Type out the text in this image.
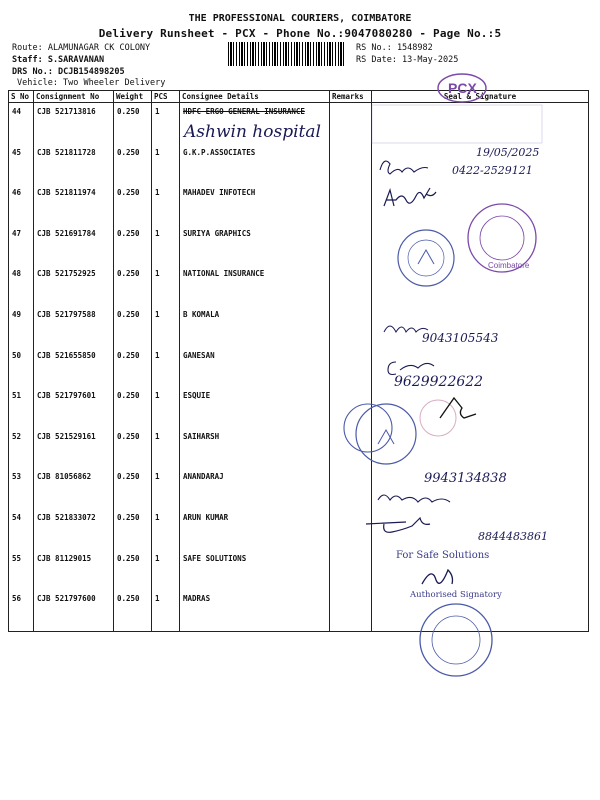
THE PROFESSIONAL COURIERS, COIMBATORE
Delivery Runsheet - PCX - Phone No.:9047080280 - Page No.:5
Route: ALAMUNAGAR CK COLONY
Staff: S.SARAVANAN
DRS No.: DCJB154898205
Vehicle: Two Wheeler Delivery
RS No.: 1548982
RS Date: 13-May-2025
S No	Consignment No	Weight	PCS	Consignee Details	Remarks	Seal & Signature
44	CJB 521713816	0.250	1	HDFC ERGO GENERAL INSURANCE		
45	CJB 521811728	0.250	1	G.K.P.ASSOCIATES		
46	CJB 521811974	0.250	1	MAHADEV INFOTECH		
47	CJB 521691784	0.250	1	SURIYA GRAPHICS		
48	CJB 521752925	0.250	1	NATIONAL INSURANCE		
49	CJB 521797588	0.250	1	B KOMALA		
50	CJB 521655850	0.250	1	GANESAN		
51	CJB 521797601	0.250	1	ESQUIE		
52	CJB 521529161	0.250	1	SAIHARSH		
53	CJB 81056862	0.250	1	ANANDARAJ		
54	CJB 521833072	0.250	1	ARUN KUMAR		
55	CJB 81129015	0.250	1	SAFE SOLUTIONS		
56	CJB 521797600	0.250	1	MADRAS		
PCX
Ashwin hospital
19/05/2025
0422-2529121
Coimbatore
9043105543
9629922622
9943134838
8844483861
For Safe Solutions
Authorised Signatory
